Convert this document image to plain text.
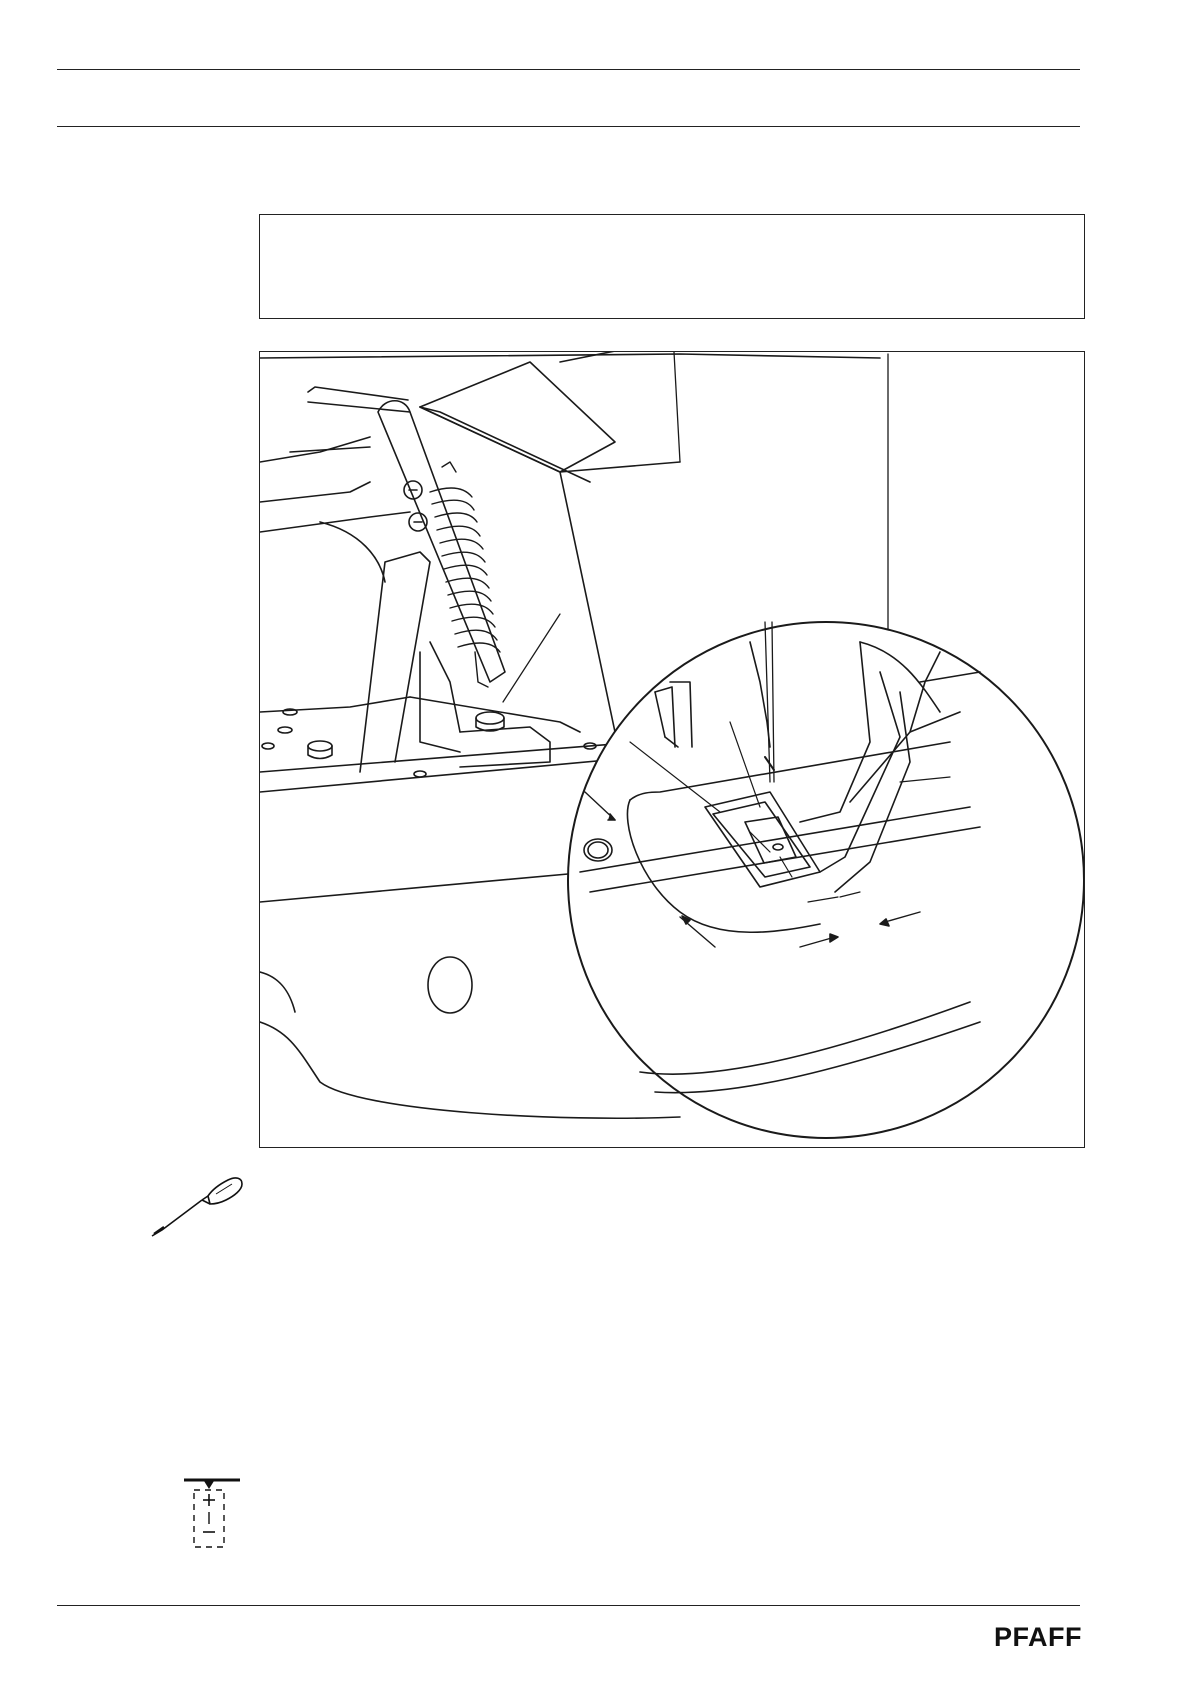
PFAFF
